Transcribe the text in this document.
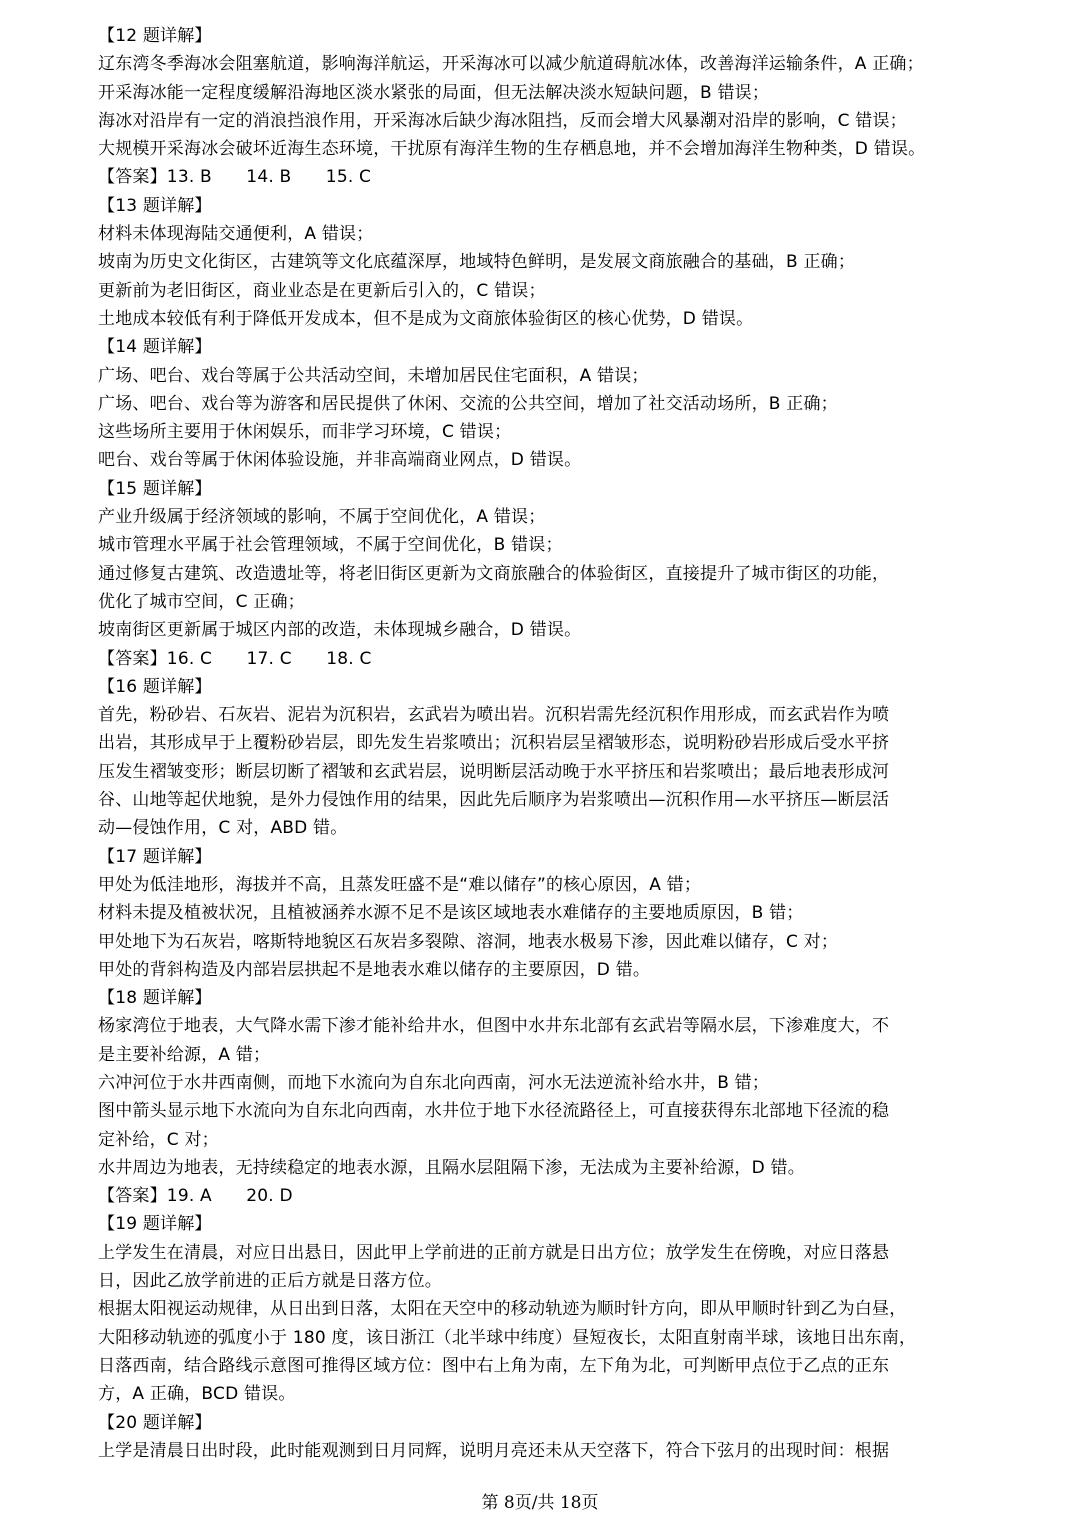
【12 题详解】
辽东湾冬季海冰会阻塞航道，影响海洋航运，开采海冰可以减少航道碍航冰体，改善海洋运输条件，A 正确；
开采海冰能一定程度缓解沿海地区淡水紧张的局面，但无法解决淡水短缺问题，B 错误；
海冰对沿岸有一定的消浪挡浪作用，开采海冰后缺少海冰阻挡，反而会增大风暴潮对沿岸的影响，C 错误；
大规模开采海冰会破坏近海生态环境，干扰原有海洋生物的生存栖息地，并不会增加海洋生物种类，D 错误。
【答案】13. B　　14. B　　15. C
【13 题详解】
材料未体现海陆交通便利，A 错误；
坡南为历史文化街区，古建筑等文化底蕴深厚，地域特色鲜明，是发展文商旅融合的基础，B 正确；
更新前为老旧街区，商业业态是在更新后引入的，C 错误；
土地成本较低有利于降低开发成本，但不是成为文商旅体验街区的核心优势，D 错误。
【14 题详解】
广场、吧台、戏台等属于公共活动空间，未增加居民住宅面积，A 错误；
广场、吧台、戏台等为游客和居民提供了休闲、交流的公共空间，增加了社交活动场所，B 正确；
这些场所主要用于休闲娱乐，而非学习环境，C 错误；
吧台、戏台等属于休闲体验设施，并非高端商业网点，D 错误。
【15 题详解】
产业升级属于经济领域的影响，不属于空间优化，A 错误；
城市管理水平属于社会管理领域，不属于空间优化，B 错误；
通过修复古建筑、改造遗址等，将老旧街区更新为文商旅融合的体验街区，直接提升了城市街区的功能，
优化了城市空间，C 正确；
坡南街区更新属于城区内部的改造，未体现城乡融合，D 错误。
【答案】16. C　　17. C　　18. C
【16 题详解】
首先，粉砂岩、石灰岩、泥岩为沉积岩，玄武岩为喷出岩。沉积岩需先经沉积作用形成，而玄武岩作为喷
出岩，其形成早于上覆粉砂岩层，即先发生岩浆喷出；沉积岩层呈褶皱形态，说明粉砂岩形成后受水平挤
压发生褶皱变形；断层切断了褶皱和玄武岩层，说明断层活动晚于水平挤压和岩浆喷出；最后地表形成河
谷、山地等起伏地貌，是外力侵蚀作用的结果，因此先后顺序为岩浆喷出—沉积作用—水平挤压—断层活
动—侵蚀作用，C 对，ABD 错。
【17 题详解】
甲处为低洼地形，海拔并不高，且蒸发旺盛不是“难以储存”的核心原因，A 错；
材料未提及植被状况，且植被涵养水源不足不是该区域地表水难储存的主要地质原因，B 错；
甲处地下为石灰岩，喀斯特地貌区石灰岩多裂隙、溶洞，地表水极易下渗，因此难以储存，C 对；
甲处的背斜构造及内部岩层拱起不是地表水难以储存的主要原因，D 错。
【18 题详解】
杨家湾位于地表，大气降水需下渗才能补给井水，但图中水井东北部有玄武岩等隔水层，下渗难度大，不
是主要补给源，A 错；
六冲河位于水井西南侧，而地下水流向为自东北向西南，河水无法逆流补给水井，B 错；
图中箭头显示地下水流向为自东北向西南，水井位于地下水径流路径上，可直接获得东北部地下径流的稳
定补给，C 对；
水井周边为地表，无持续稳定的地表水源，且隔水层阻隔下渗，无法成为主要补给源，D 错。
【答案】19. A　　20. D
【19 题详解】
上学发生在清晨，对应日出悬日，因此甲上学前进的正前方就是日出方位；放学发生在傍晚，对应日落悬
日，因此乙放学前进的正后方就是日落方位。
根据太阳视运动规律，从日出到日落，太阳在天空中的移动轨迹为顺时针方向，即从甲顺时针到乙为白昼，
大阳移动轨迹的弧度小于 180 度，该日浙江（北半球中纬度）昼短夜长，太阳直射南半球，该地日出东南，
日落西南，结合路线示意图可推得区域方位：图中右上角为南，左下角为北，可判断甲点位于乙点的正东
方，A 正确，BCD 错误。
【20 题详解】
上学是清晨日出时段，此时能观测到日月同辉，说明月亮还未从天空落下，符合下弦月的出现时间：根据
第 8页/共 18页
